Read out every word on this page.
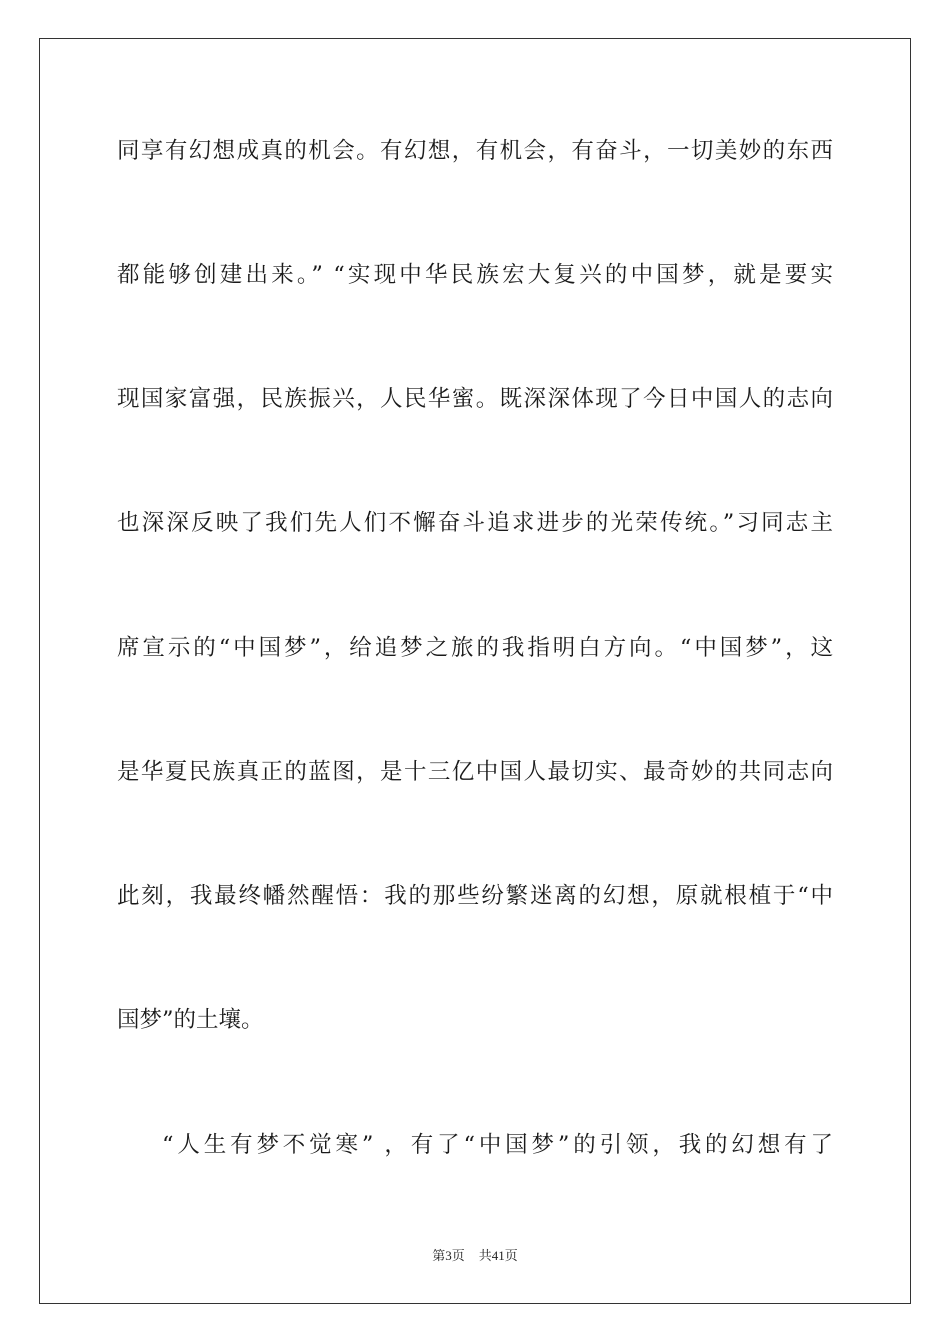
同享有幻想成真的机会。有幻想，有机会，有奋斗，一切美妙的东西
都能够创建出来。” “实现中华民族宏大复兴的中国梦，就是要实
现国家富强，民族振兴，人民华蜜。既深深体现了今日中国人的志向
也深深反映了我们先人们不懈奋斗追求进步的光荣传统。”习同志主
席宣示的“中国梦”，给追梦之旅的我指明白方向。“中国梦”，这
是华夏民族真正的蓝图，是十三亿中国人最切实、最奇妙的共同志向
此刻，我最终幡然醒悟：我的那些纷繁迷离的幻想，原就根植于“中
国梦”的土壤。
“人生有梦不觉寒” ，有了“中国梦”的引领，我的幻想有了
第3页 共41页
